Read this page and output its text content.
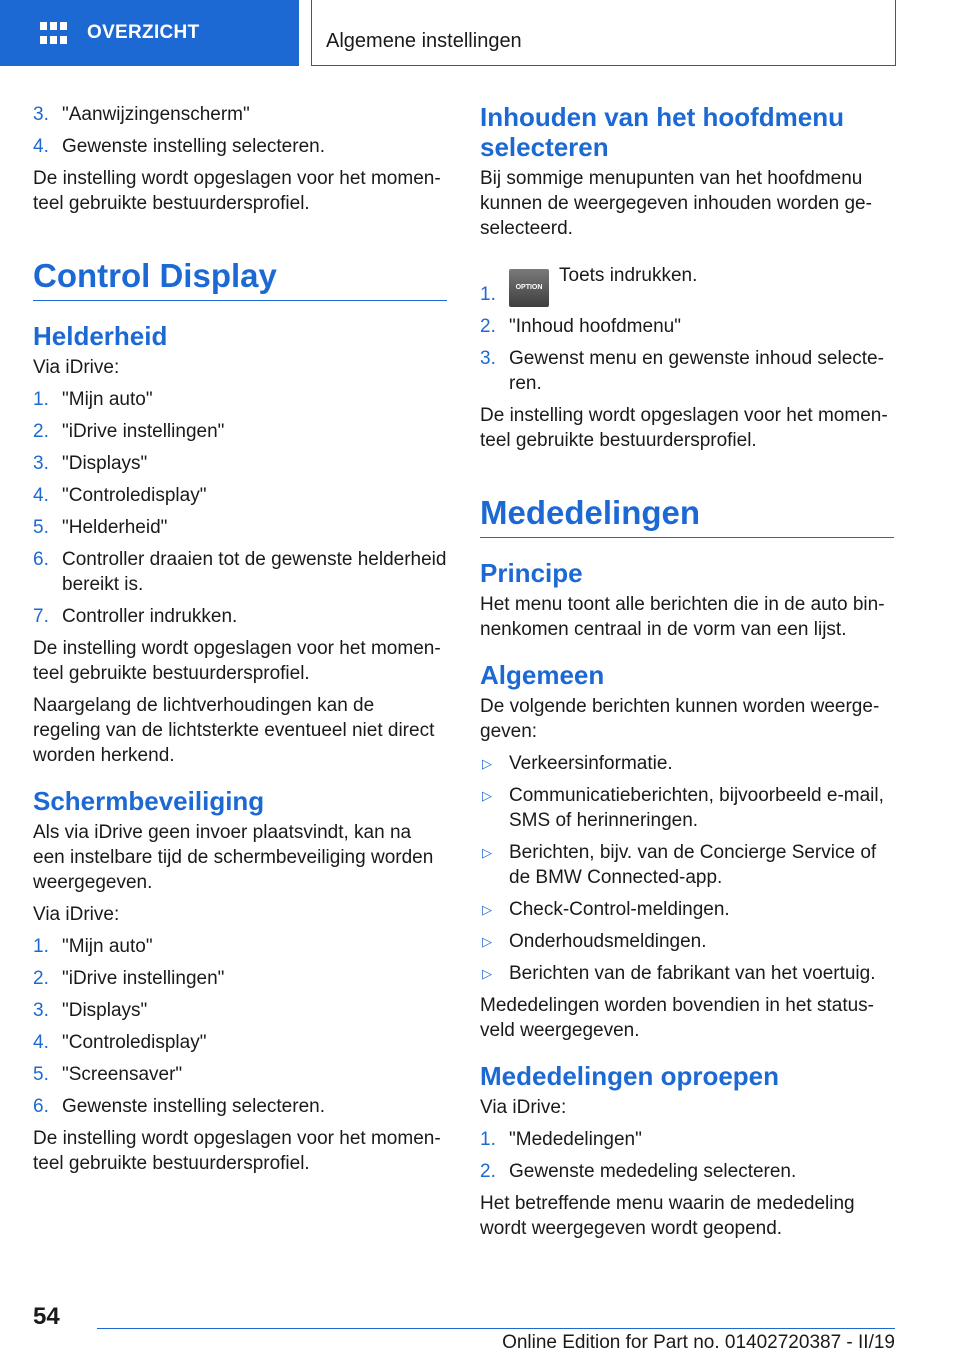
OVERZICHT	Algemene instellingen
3. "Aanwijzingenscherm"
4. Gewenste instelling selecteren.

De instelling wordt opgeslagen voor het momenteel gebruikte bestuurdersprofiel.

Control Display
Helderheid

Via iDrive:

1. "Mijn auto"
2. "iDrive instellingen"
3. "Displays"
4. "Controledisplay"
5. "Helderheid"
6. Controller draaien tot de gewenste helderheid bereikt is.
7. Controller indrukken.

De instelling wordt opgeslagen voor het momenteel gebruikte bestuurdersprofiel.

Naargelang de lichtverhoudingen kan de regeling van de lichtsterkte eventueel niet direct worden herkend.

Schermbeveiliging

Als via iDrive geen invoer plaatsvindt, kan na een instelbare tijd de schermbeveiliging worden weergegeven.

Via iDrive:

1. "Mijn auto"
2. "iDrive instellingen"
3. "Displays"
4. "Controledisplay"
5. "Screensaver"
6. Gewenste instelling selecteren.

De instelling wordt opgeslagen voor het momenteel gebruikte bestuurdersprofiel.

Inhouden van het hoofdmenu selecteren

Bij sommige menupunten van het hoofdmenu kunnen de weergegeven inhouden worden geselecteerd.

1.	OPTIONToets indrukken.
2. "Inhoud hoofdmenu"
3. Gewenst menu en gewenste inhoud selecteren.

De instelling wordt opgeslagen voor het momenteel gebruikte bestuurdersprofiel.

Mededelingen
Principe

Het menu toont alle berichten die in de auto binnenkomen centraal in de vorm van een lijst.

Algemeen

De volgende berichten kunnen worden weergegeven:

▷ Verkeersinformatie.
▷ Communicatieberichten, bijvoorbeeld e-mail, SMS of herinneringen.
▷ Berichten, bijv. van de Concierge Service of de BMW Connected-app.
▷ Check-Control-meldingen.
▷ Onderhoudsmeldingen.
▷ Berichten van de fabrikant van het voertuig.

Mededelingen worden bovendien in het statusveld weergegeven.

Mededelingen oproepen

Via iDrive:

1. "Mededelingen"
2. Gewenste mededeling selecteren.

Het betreffende menu waarin de mededeling wordt weergegeven wordt geopend.

54
Online Edition for Part no. 01402720387 - II/19
